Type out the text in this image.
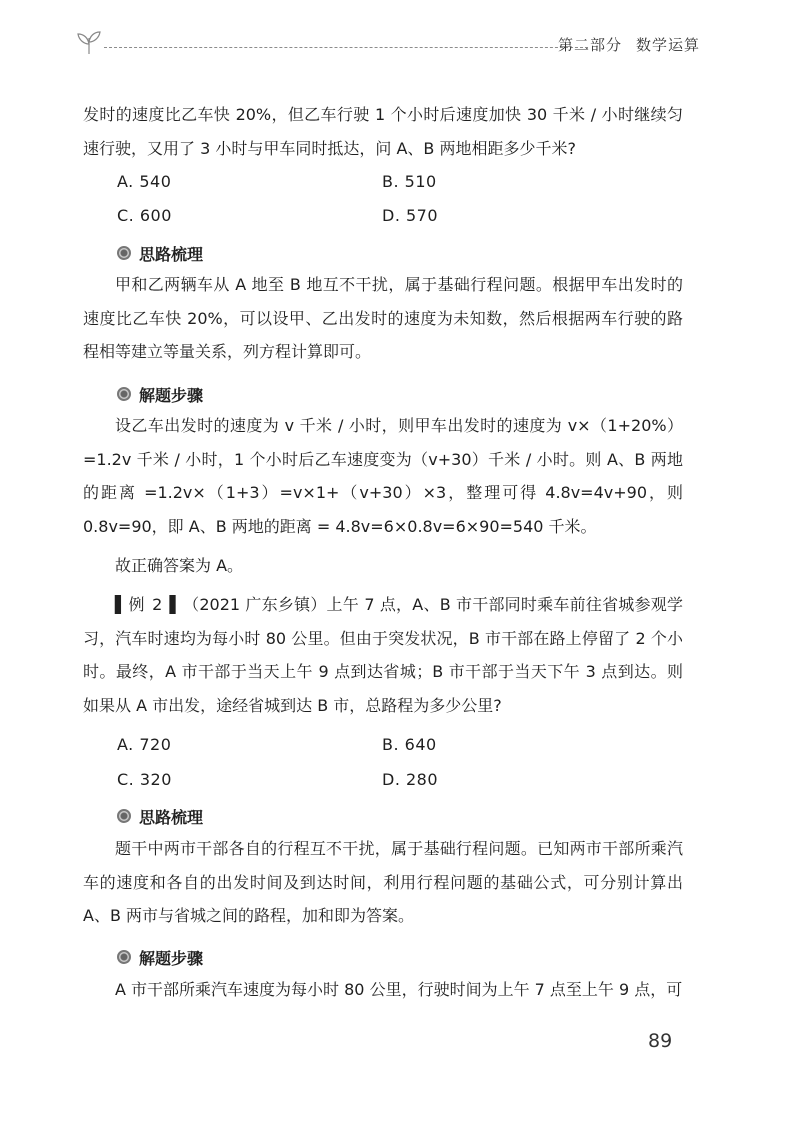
第二部分 数学运算

发时的速度比乙车快 20%，但乙车行驶 1 个小时后速度加快 30 千米 / 小时继续匀速行驶，又用了 3 小时与甲车同时抵达，问 A、B 两地相距多少千米?

A. 540	B. 510
C. 600	D. 570
思路梳理

甲和乙两辆车从 A 地至 B 地互不干扰，属于基础行程问题。根据甲车出发时的速度比乙车快 20%，可以设甲、乙出发时的速度为未知数，然后根据两车行驶的路程相等建立等量关系，列方程计算即可。

解题步骤

设乙车出发时的速度为 v 千米 / 小时，则甲车出发时的速度为 v×（1+20%）=1.2v 千米 / 小时，1 个小时后乙车速度变为（v+30）千米 / 小时。则 A、B 两地的距离 =1.2v×（1+3）=v×1+（v+30）×3，整理可得 4.8v=4v+90，则 0.8v=90，即 A、B 两地的距离 = 4.8v=6×0.8v=6×90=540 千米。

故正确答案为 A。

▌例 2 ▌（2021 广东乡镇）上午 7 点，A、B 市干部同时乘车前往省城参观学习，汽车时速均为每小时 80 公里。但由于突发状况，B 市干部在路上停留了 2 个小时。最终，A 市干部于当天上午 9 点到达省城；B 市干部于当天下午 3 点到达。则如果从 A 市出发，途经省城到达 B 市，总路程为多少公里?

A. 720	B. 640
C. 320	D. 280
思路梳理

题干中两市干部各自的行程互不干扰，属于基础行程问题。已知两市干部所乘汽车的速度和各自的出发时间及到达时间，利用行程问题的基础公式，可分别计算出 A、B 两市与省城之间的路程，加和即为答案。

解题步骤

A 市干部所乘汽车速度为每小时 80 公里，行驶时间为上午 7 点至上午 9 点，可

89
